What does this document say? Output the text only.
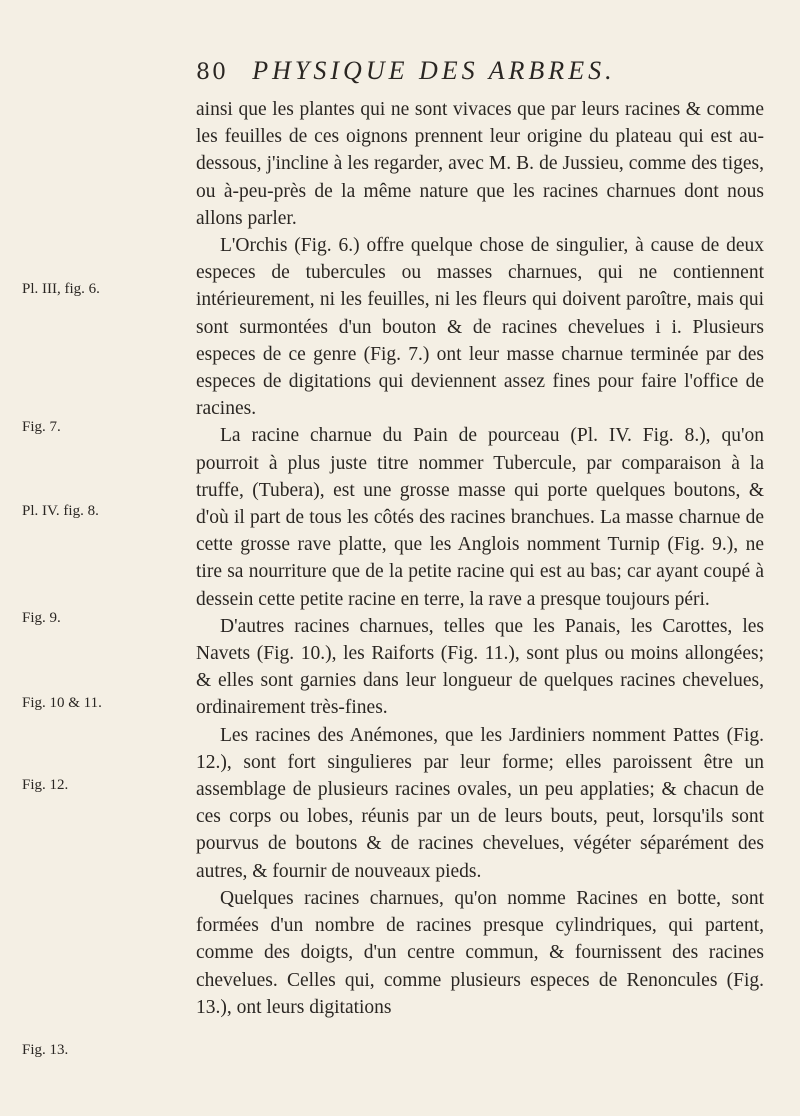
80 PHYSIQUE DES ARBRES.
Pl. III, fig. 6.
Fig. 7.
Pl. IV. fig. 8.
Fig. 9.
Fig. 10 & 11.
Fig. 12.
Fig. 13.

ainsi que les plantes qui ne sont vivaces que par leurs racines & comme les feuilles de ces oignons prennent leur origine du plateau qui est au-dessous, j'incline à les regarder, avec M. B. de Jussieu, comme des tiges, ou à-peu-près de la même nature que les racines charnues dont nous allons parler.

L'Orchis (Fig. 6.) offre quelque chose de singulier, à cause de deux especes de tubercules ou masses charnues, qui ne contiennent intérieurement, ni les feuilles, ni les fleurs qui doivent paroître, mais qui sont surmontées d'un bouton & de racines chevelues i i. Plusieurs especes de ce genre (Fig. 7.) ont leur masse charnue terminée par des especes de digitations qui deviennent assez fines pour faire l'office de racines.

La racine charnue du Pain de pourceau (Pl. IV. Fig. 8.), qu'on pourroit à plus juste titre nommer Tubercule, par comparaison à la truffe, (Tubera), est une grosse masse qui porte quelques boutons, & d'où il part de tous les côtés des racines branchues. La masse charnue de cette grosse rave platte, que les Anglois nomment Turnip (Fig. 9.), ne tire sa nourriture que de la petite racine qui est au bas; car ayant coupé à dessein cette petite racine en terre, la rave a presque toujours péri.

D'autres racines charnues, telles que les Panais, les Carottes, les Navets (Fig. 10.), les Raiforts (Fig. 11.), sont plus ou moins allongées; & elles sont garnies dans leur longueur de quelques racines chevelues, ordinairement très-fines.

Les racines des Anémones, que les Jardiniers nomment Pattes (Fig. 12.), sont fort singulieres par leur forme; elles paroissent être un assemblage de plusieurs racines ovales, un peu applaties; & chacun de ces corps ou lobes, réunis par un de leurs bouts, peut, lorsqu'ils sont pourvus de boutons & de racines chevelues, végéter séparément des autres, & fournir de nouveaux pieds.

Quelques racines charnues, qu'on nomme Racines en botte, sont formées d'un nombre de racines presque cylindriques, qui partent, comme des doigts, d'un centre commun, & fournissent des racines chevelues. Celles qui, comme plusieurs especes de Renoncules (Fig. 13.), ont leurs digitations
